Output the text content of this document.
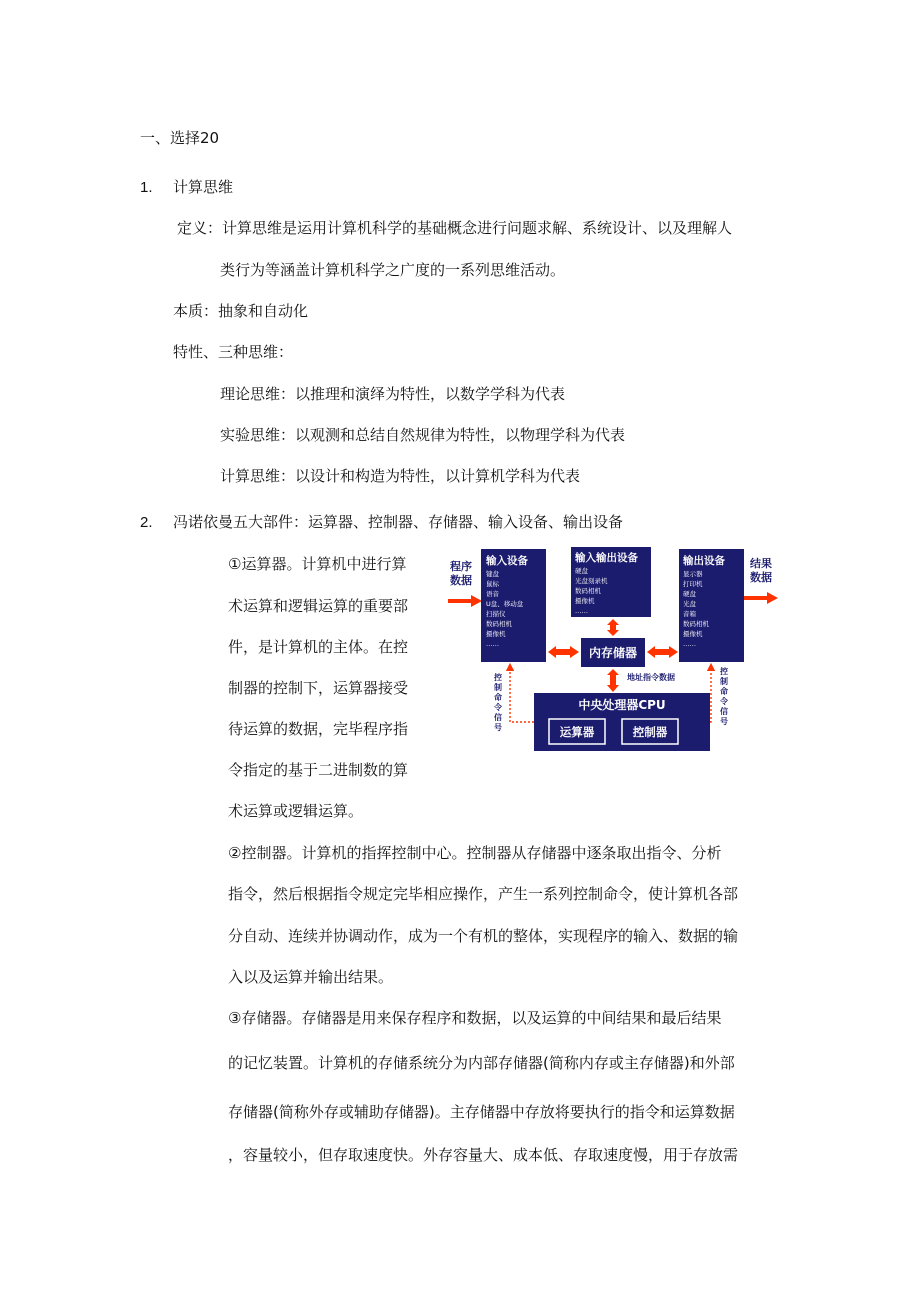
一、选择20
1. 计算思维
定义：计算思维是运用计算机科学的基础概念进行问题求解、系统设计、以及理解人
类行为等涵盖计算机科学之广度的一系列思维活动。
本质：抽象和自动化
特性、三种思维：
理论思维：以推理和演绎为特性，以数学学科为代表
实验思维：以观测和总结自然规律为特性，以物理学科为代表
计算思维：以设计和构造为特性，以计算机学科为代表
2. 冯诺依曼五大部件：运算器、控制器、存储器、输入设备、输出设备
①运算器。计算机中进行算
术运算和逻辑运算的重要部
件，是计算机的主体。在控
制器的控制下，运算器接受
待运算的数据，完毕程序指
令指定的基于二进制数的算
术运算或逻辑运算。
②控制器。计算机的指挥控制中心。控制器从存储器中逐条取出指令、分析
指令，然后根据指令规定完毕相应操作，产生一系列控制命令，使计算机各部
分自动、连续并协调动作，成为一个有机的整体，实现程序的输入、数据的输
入以及运算并输出结果。
③存储器。存储器是用来保存程序和数据，以及运算的中间结果和最后结果
的记忆装置。计算机的存储系统分为内部存储器(简称内存或主存储器)和外部
存储器(简称外存或辅助存储器)。主存储器中存放将要执行的指令和运算数据
，容量较小，但存取速度快。外存容量大、成本低、存取速度慢，用于存放需
程序
数据
结果
数据
输入设备
键盘
鼠标
语音
U盘、移动盘
扫描仪
数码相机
摄像机
……
输入输出设备
硬盘
光盘刻录机
数码相机
摄像机
……
输出设备
显示器
打印机
硬盘
光盘
音箱
数码相机
摄像机
……
内存储器
地址指令数据
中央处理器CPU
运算器	控制器
控
制
命
令
信
号
控
制
命
令
信
号
